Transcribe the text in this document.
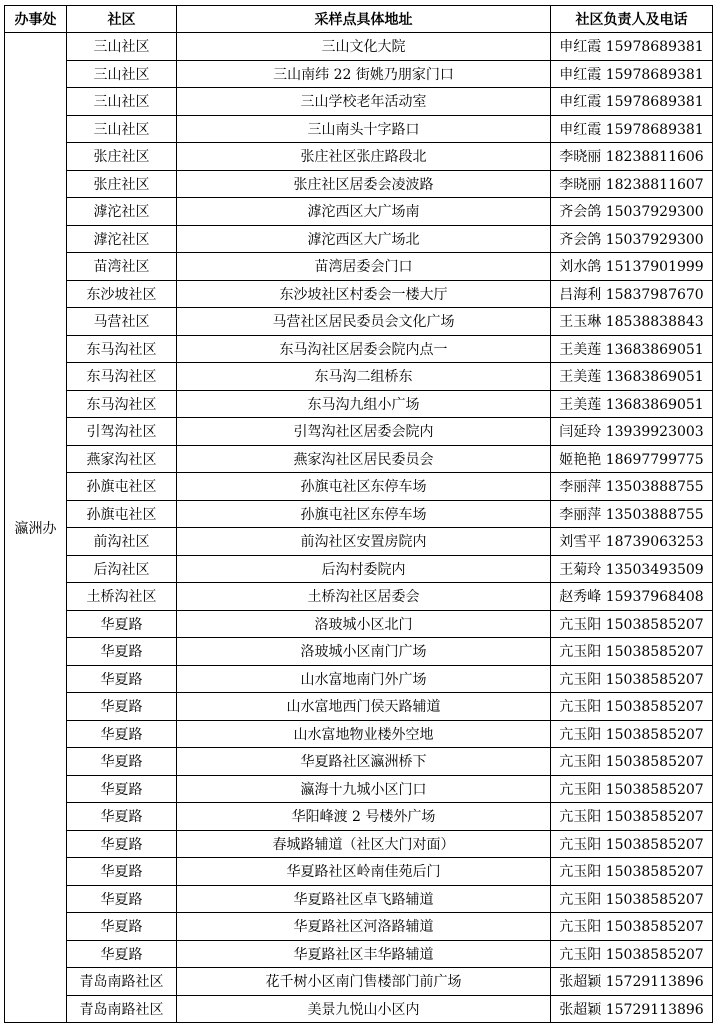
办事处	社区	采样点具体地址	社区负责人及电话
瀛洲办	三山社区	三山文化大院	申红霞 15978689381
	三山社区	三山南纬 22 街姚乃朋家门口	申红霞 15978689381
	三山社区	三山学校老年活动室	申红霞 15978689381
	三山社区	三山南头十字路口	申红霞 15978689381
	张庄社区	张庄社区张庄路段北	李晓丽 18238811606
	张庄社区	张庄社区居委会凌波路	李晓丽 18238811607
	滹沱社区	滹沱西区大广场南	齐会鸽 15037929300
	滹沱社区	滹沱西区大广场北	齐会鸽 15037929300
	苗湾社区	苗湾居委会门口	刘水鸽 15137901999
	东沙坡社区	东沙坡社区村委会一楼大厅	吕海利 15837987670
	马营社区	马营社区居民委员会文化广场	王玉琳 18538838843
	东马沟社区	东马沟社区居委会院内点一	王美莲 13683869051
	东马沟社区	东马沟二组桥东	王美莲 13683869051
	东马沟社区	东马沟九组小广场	王美莲 13683869051
	引驾沟社区	引驾沟社区居委会院内	闫延玲 13939923003
	燕家沟社区	燕家沟社区居民委员会	姬艳艳 18697799775
	孙旗屯社区	孙旗屯社区东停车场	李丽萍 13503888755
	孙旗屯社区	孙旗屯社区东停车场	李丽萍 13503888755
	前沟社区	前沟社区安置房院内	刘雪平 18739063253
	后沟社区	后沟村委院内	王菊玲 13503493509
	土桥沟社区	土桥沟社区居委会	赵秀峰 15937968408
	华夏路	洛玻城小区北门	亢玉阳 15038585207
	华夏路	洛玻城小区南门广场	亢玉阳 15038585207
	华夏路	山水富地南门外广场	亢玉阳 15038585207
	华夏路	山水富地西门侯天路辅道	亢玉阳 15038585207
	华夏路	山水富地物业楼外空地	亢玉阳 15038585207
	华夏路	华夏路社区瀛洲桥下	亢玉阳 15038585207
	华夏路	瀛海十九城小区门口	亢玉阳 15038585207
	华夏路	华阳峰渡 2 号楼外广场	亢玉阳 15038585207
	华夏路	春城路辅道（社区大门对面）	亢玉阳 15038585207
	华夏路	华夏路社区岭南佳苑后门	亢玉阳 15038585207
	华夏路	华夏路社区卓飞路辅道	亢玉阳 15038585207
	华夏路	华夏路社区河洛路辅道	亢玉阳 15038585207
	华夏路	华夏路社区丰华路辅道	亢玉阳 15038585207
	青岛南路社区	花千树小区南门售楼部门前广场	张超颖 15729113896
	青岛南路社区	美景九悦山小区内	张超颖 15729113896
